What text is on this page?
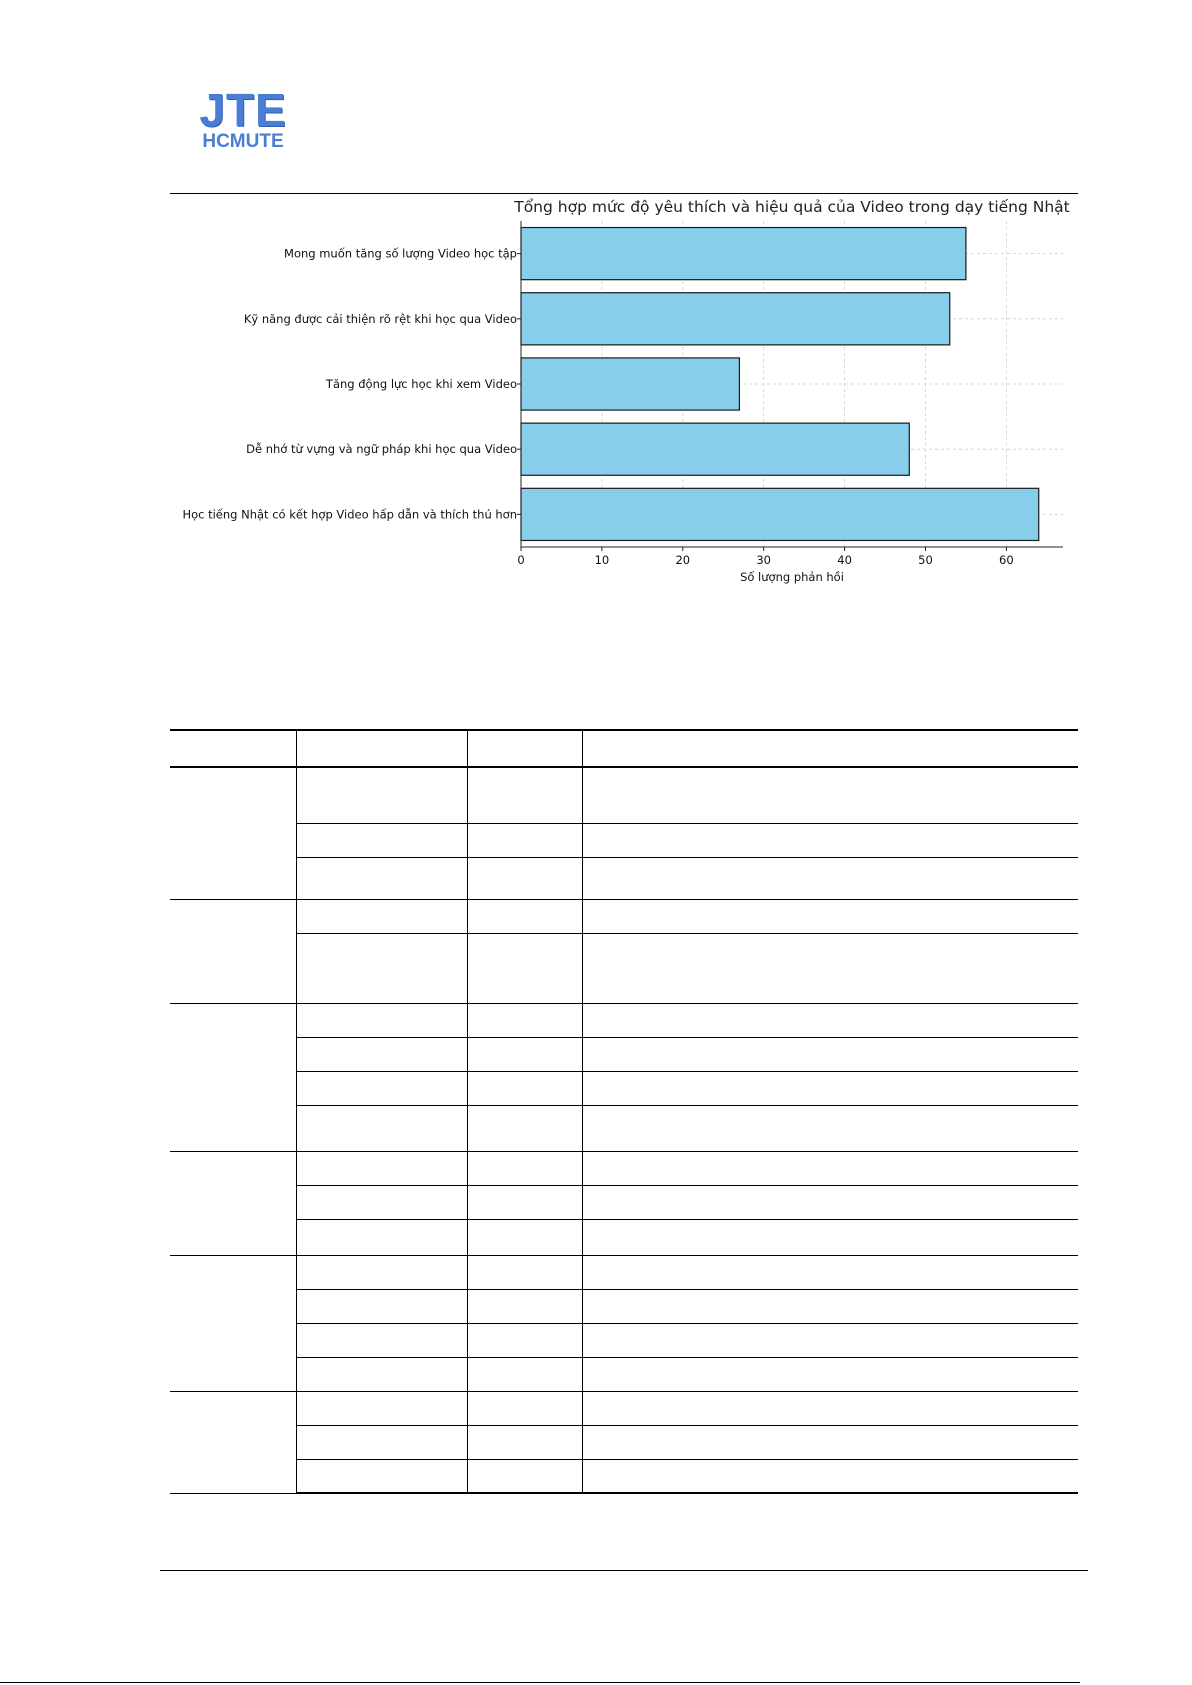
JTE
HCMUTE
Mong muốn tăng số lượng Video học tập
Kỹ năng được cải thiện rõ rệt khi học qua Video
Tăng động lực học khi xem Video
Dễ nhớ từ vựng và ngữ pháp khi học qua Video
Học tiếng Nhật có kết hợp Video hấp dẫn và thích thú hơn
0	10	20	30	40	50	60
Số lượng phản hồi
Tổng hợp mức độ yêu thích và hiệu quả của Video trong dạy tiếng Nhật
